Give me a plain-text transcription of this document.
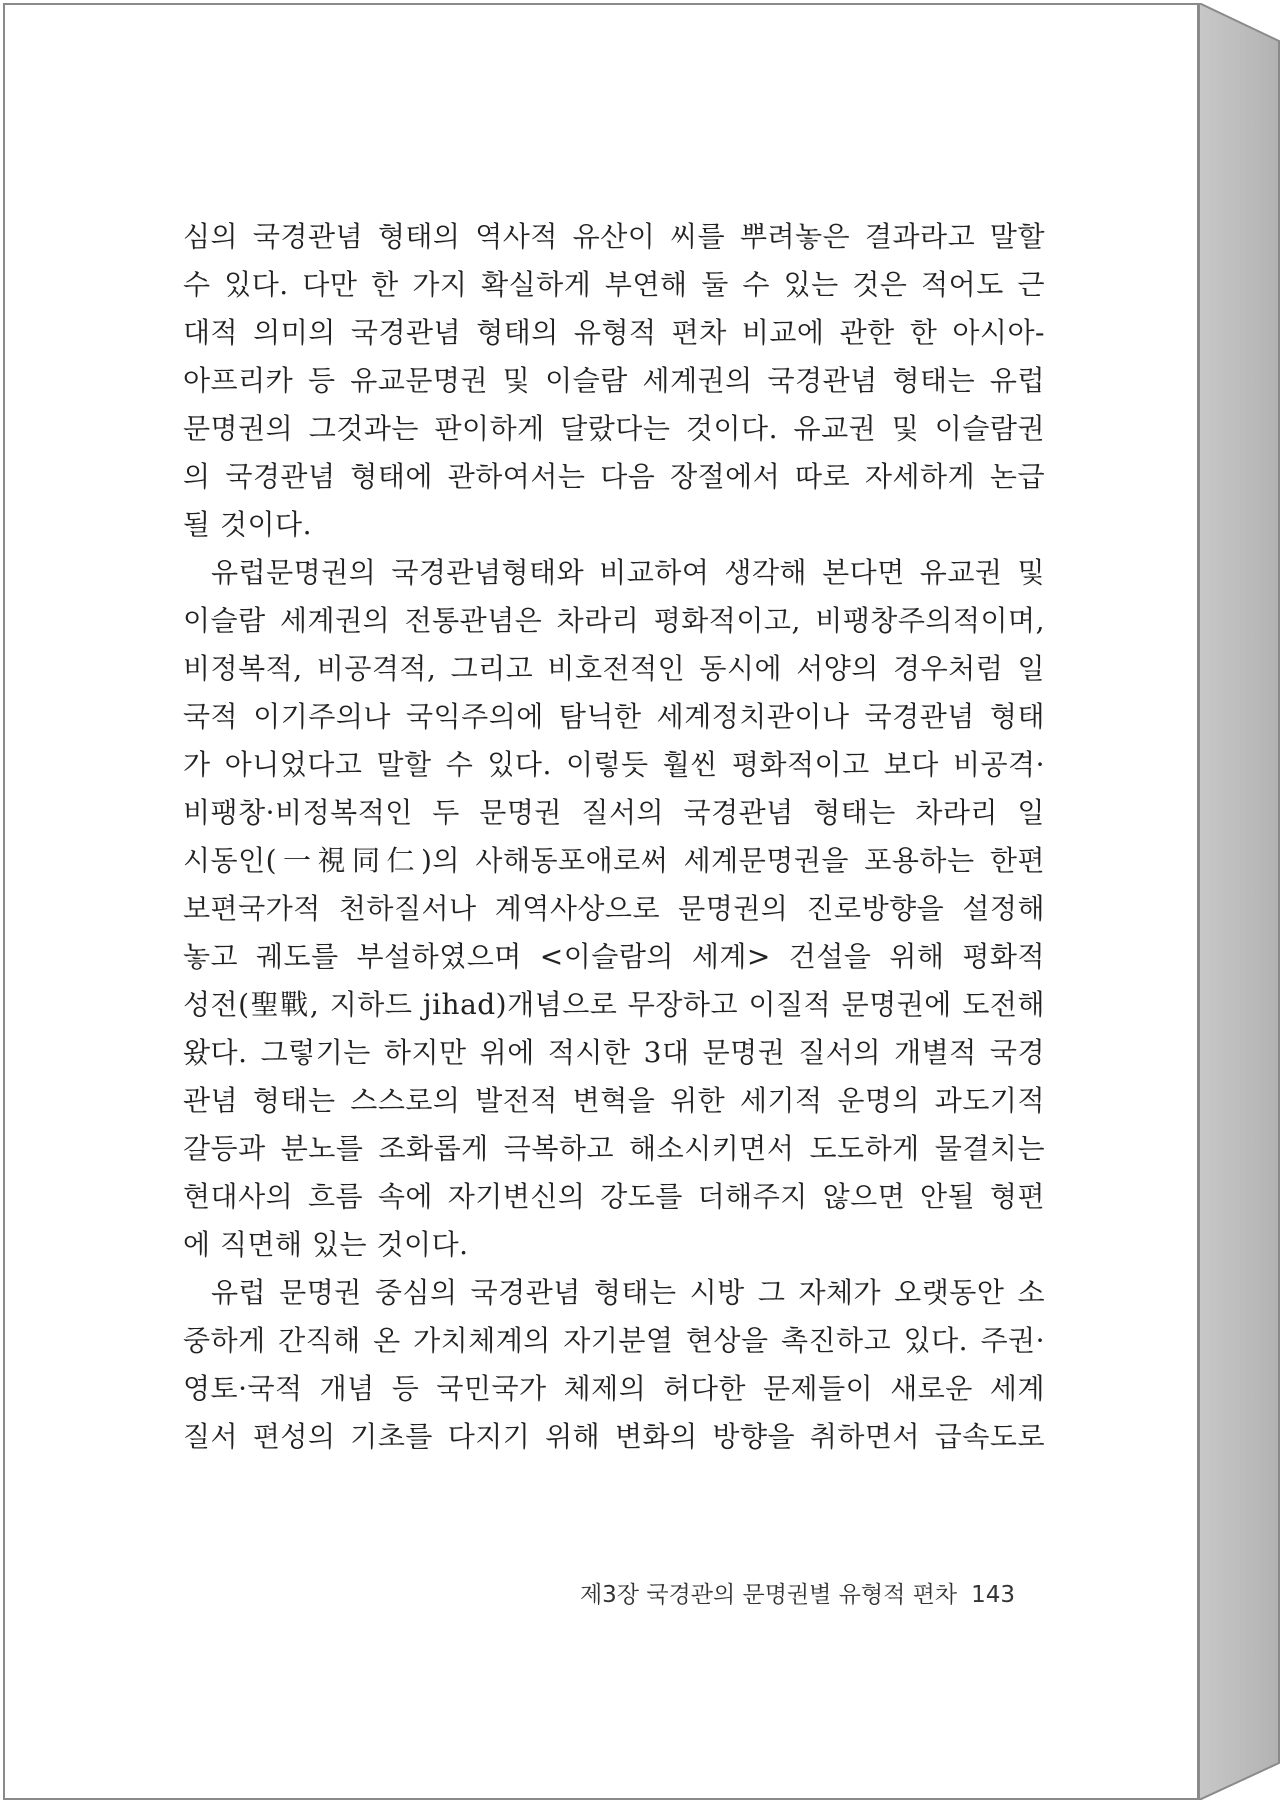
심의 국경관념 형태의 역사적 유산이 씨를 뿌려놓은 결과라고 말할
수 있다. 다만 한 가지 확실하게 부연해 둘 수 있는 것은 적어도 근
대적 의미의 국경관념 형태의 유형적 편차 비교에 관한 한 아시아-
아프리카 등 유교문명권 및 이슬람 세계권의 국경관념 형태는 유럽
문명권의 그것과는 판이하게 달랐다는 것이다. 유교권 및 이슬람권
의 국경관념 형태에 관하여서는 다음 장절에서 따로 자세하게 논급
될 것이다.
유럽문명권의 국경관념형태와 비교하여 생각해 본다면 유교권 및
이슬람 세계권의 전통관념은 차라리 평화적이고, 비팽창주의적이며,
비정복적, 비공격적, 그리고 비호전적인 동시에 서양의 경우처럼 일
국적 이기주의나 국익주의에 탐닉한 세계정치관이나 국경관념 형태
가 아니었다고 말할 수 있다. 이렇듯 훨씬 평화적이고 보다 비공격·
비팽창·비정복적인 두 문명권 질서의 국경관념 형태는 차라리 일
시동인(一視同仁)의 사해동포애로써 세계문명권을 포용하는 한편
보편국가적 천하질서나 계역사상으로 문명권의 진로방향을 설정해
놓고 궤도를 부설하였으며 <이슬람의 세계> 건설을 위해 평화적
성전(聖戰, 지하드 jihad)개념으로 무장하고 이질적 문명권에 도전해
왔다. 그렇기는 하지만 위에 적시한 3대 문명권 질서의 개별적 국경
관념 형태는 스스로의 발전적 변혁을 위한 세기적 운명의 과도기적
갈등과 분노를 조화롭게 극복하고 해소시키면서 도도하게 물결치는
현대사의 흐름 속에 자기변신의 강도를 더해주지 않으면 안될 형편
에 직면해 있는 것이다.
유럽 문명권 중심의 국경관념 형태는 시방 그 자체가 오랫동안 소
중하게 간직해 온 가치체계의 자기분열 현상을 촉진하고 있다. 주권·
영토·국적 개념 등 국민국가 체제의 허다한 문제들이 새로운 세계
질서 편성의 기초를 다지기 위해 변화의 방향을 취하면서 급속도로
제3장 국경관의 문명권별 유형적 편차 143
